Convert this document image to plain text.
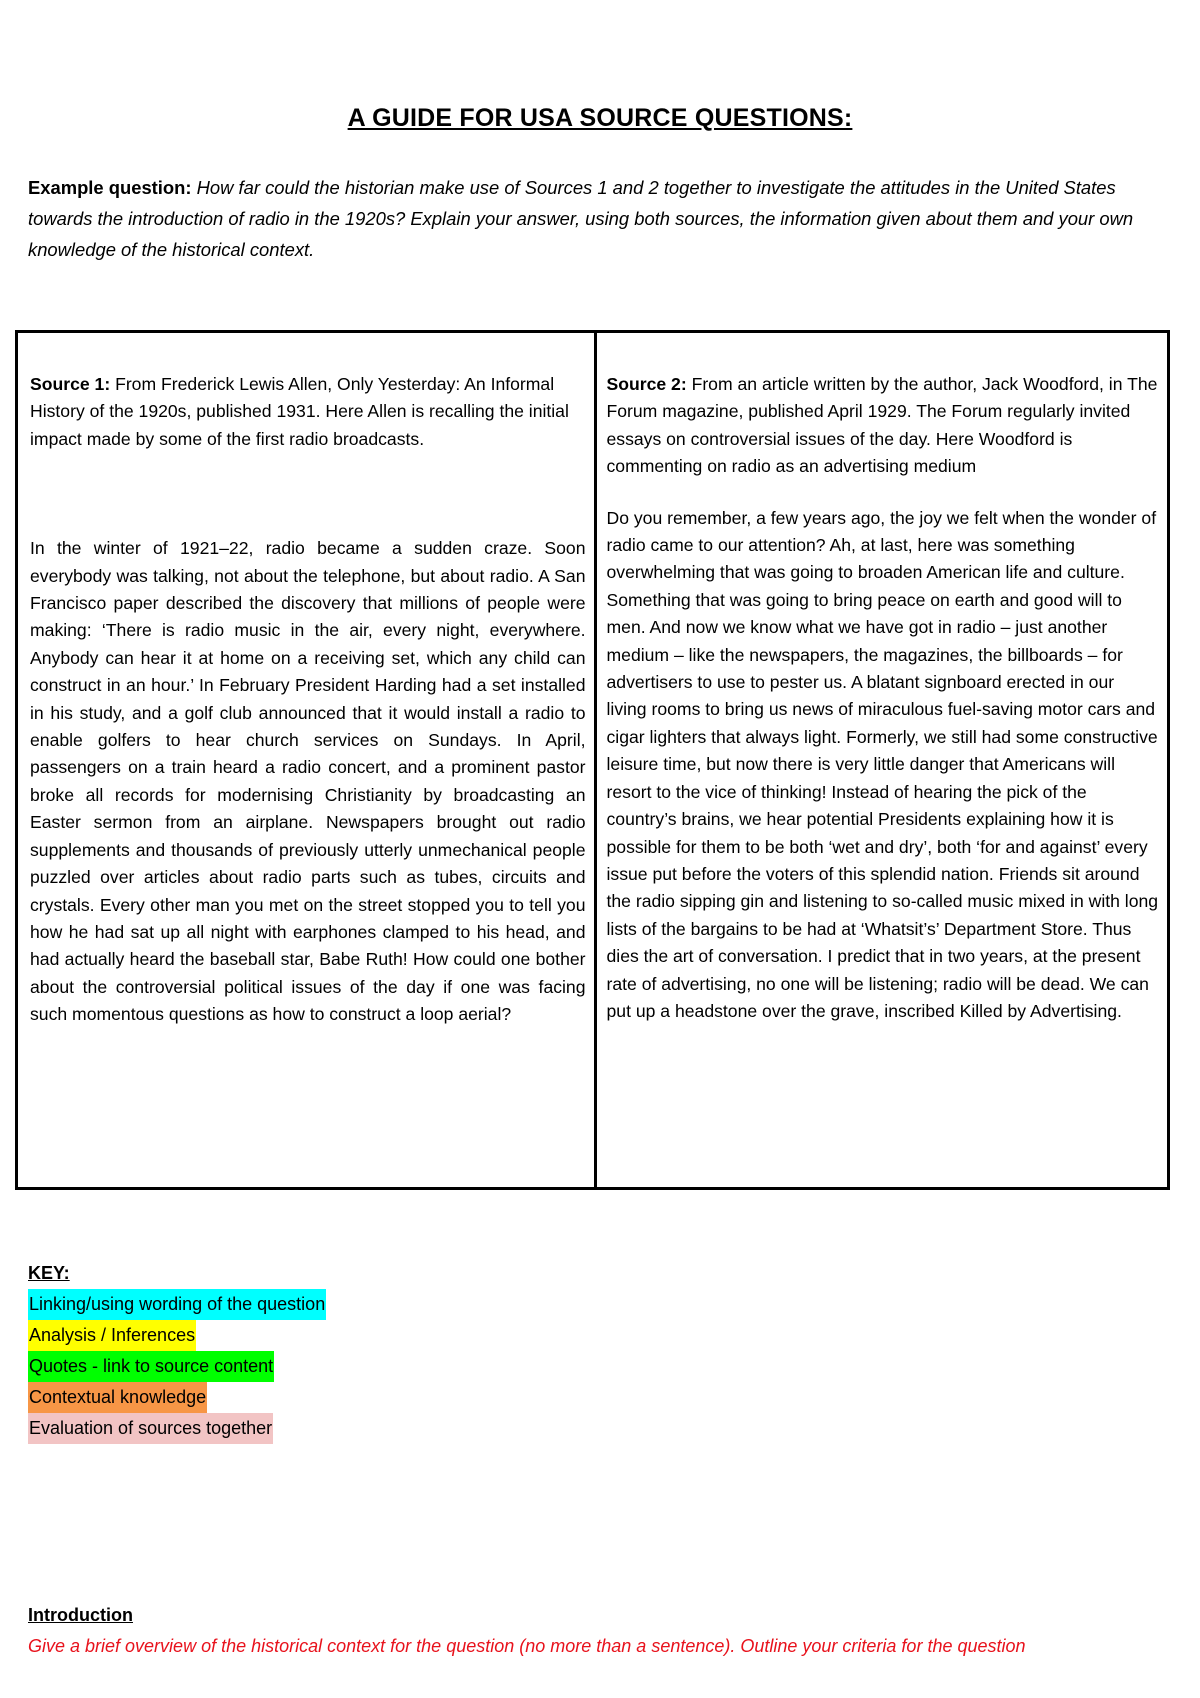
A GUIDE FOR USA SOURCE QUESTIONS:
Example question: How far could the historian make use of Sources 1 and 2 together to investigate the attitudes in the United States towards the introduction of radio in the 1920s? Explain your answer, using both sources, the information given about them and your own knowledge of the historical context.
Source 1: From Frederick Lewis Allen, Only Yesterday: An Informal History of the 1920s, published 1931. Here Allen is recalling the initial impact made by some of the first radio broadcasts.
In the winter of 1921–22, radio became a sudden craze. Soon everybody was talking, not about the telephone, but about radio. A San Francisco paper described the discovery that millions of people were making: ‘There is radio music in the air, every night, everywhere. Anybody can hear it at home on a receiving set, which any child can construct in an hour.’ In February President Harding had a set installed in his study, and a golf club announced that it would install a radio to enable golfers to hear church services on Sundays. In April, passengers on a train heard a radio concert, and a prominent pastor broke all records for modernising Christianity by broadcasting an Easter sermon from an airplane. Newspapers brought out radio supplements and thousands of previously utterly unmechanical people puzzled over articles about radio parts such as tubes, circuits and crystals. Every other man you met on the street stopped you to tell you how he had sat up all night with earphones clamped to his head, and had actually heard the baseball star, Babe Ruth! How could one bother about the controversial political issues of the day if one was facing such momentous questions as how to construct a loop aerial?
Source 2: From an article written by the author, Jack Woodford, in The Forum magazine, published April 1929. The Forum regularly invited essays on controversial issues of the day. Here Woodford is commenting on radio as an advertising medium
Do you remember, a few years ago, the joy we felt when the wonder of radio came to our attention? Ah, at last, here was something overwhelming that was going to broaden American life and culture. Something that was going to bring peace on earth and good will to men. And now we know what we have got in radio – just another medium – like the newspapers, the magazines, the billboards – for advertisers to use to pester us. A blatant signboard erected in our living rooms to bring us news of miraculous fuel-saving motor cars and cigar lighters that always light. Formerly, we still had some constructive leisure time, but now there is very little danger that Americans will resort to the vice of thinking! Instead of hearing the pick of the country’s brains, we hear potential Presidents explaining how it is possible for them to be both ‘wet and dry’, both ‘for and against’ every issue put before the voters of this splendid nation. Friends sit around the radio sipping gin and listening to so-called music mixed in with long lists of the bargains to be had at ‘Whatsit’s’ Department Store. Thus dies the art of conversation. I predict that in two years, at the present rate of advertising, no one will be listening; radio will be dead. We can put up a headstone over the grave, inscribed Killed by Advertising.
KEY:
Linking/using wording of the question
Analysis / Inferences
Quotes - link to source content
Contextual knowledge
Evaluation of sources together
Introduction
Give a brief overview of the historical context for the question (no more than a sentence). Outline your criteria for the question
